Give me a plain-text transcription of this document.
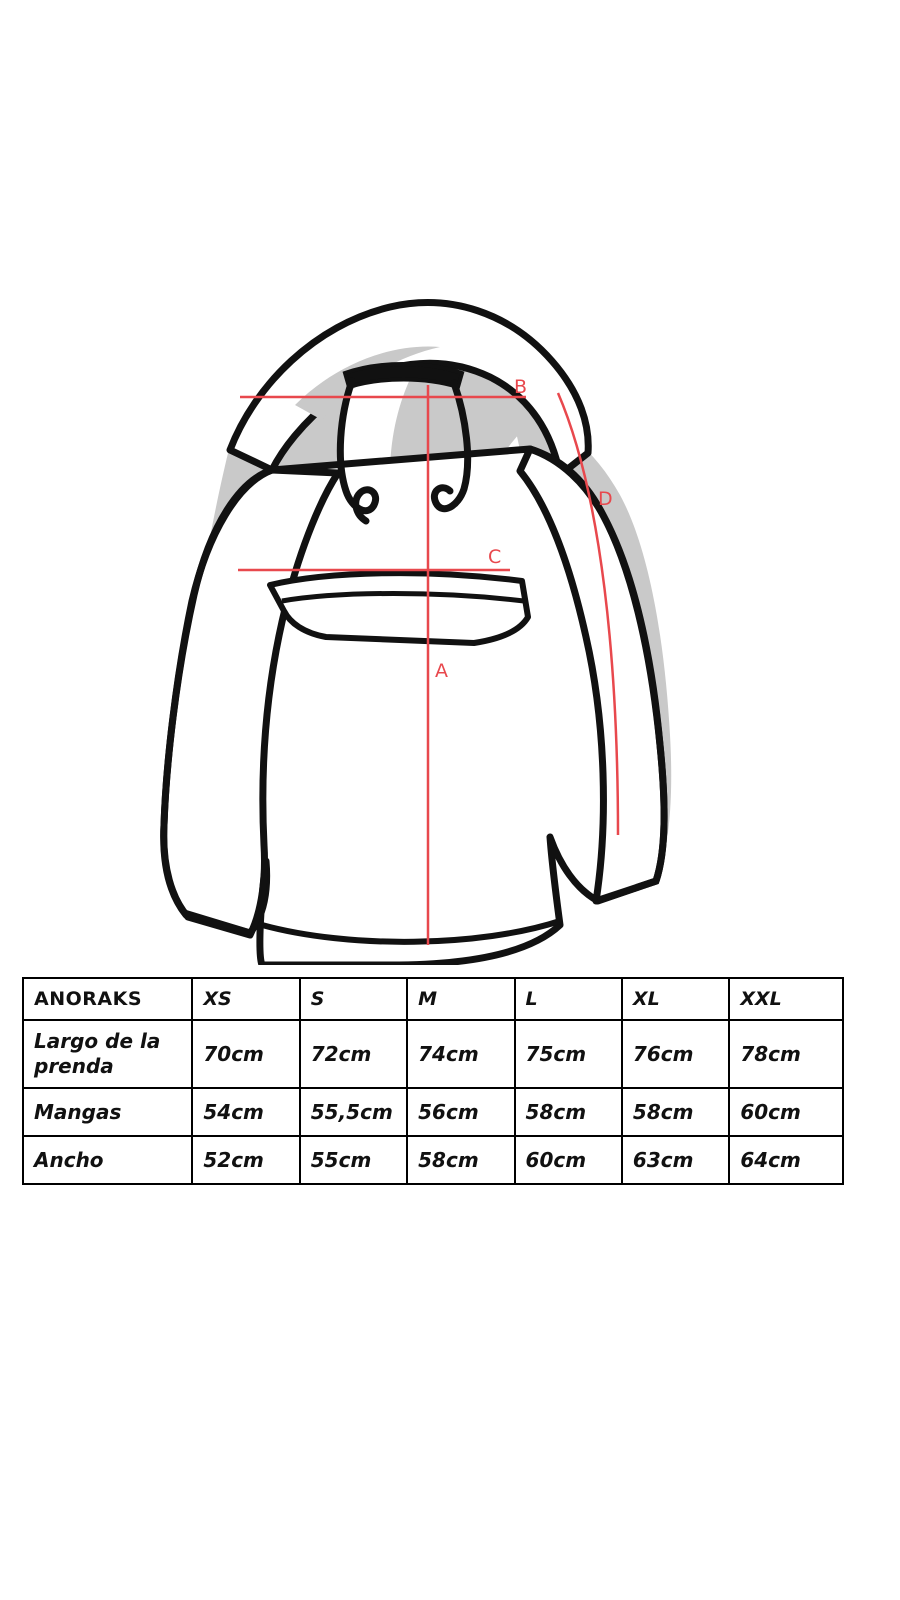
NÁPOLESMIX
.COM
B
C
A
D
ANORAKS	XS	S	M	L	XL	XXL
Largo de la prenda	70cm	72cm	74cm	75cm	76cm	78cm
Mangas	54cm	55,5cm	56cm	58cm	58cm	60cm
Ancho	52cm	55cm	58cm	60cm	63cm	64cm
NÁPOLESMIX
.COM
